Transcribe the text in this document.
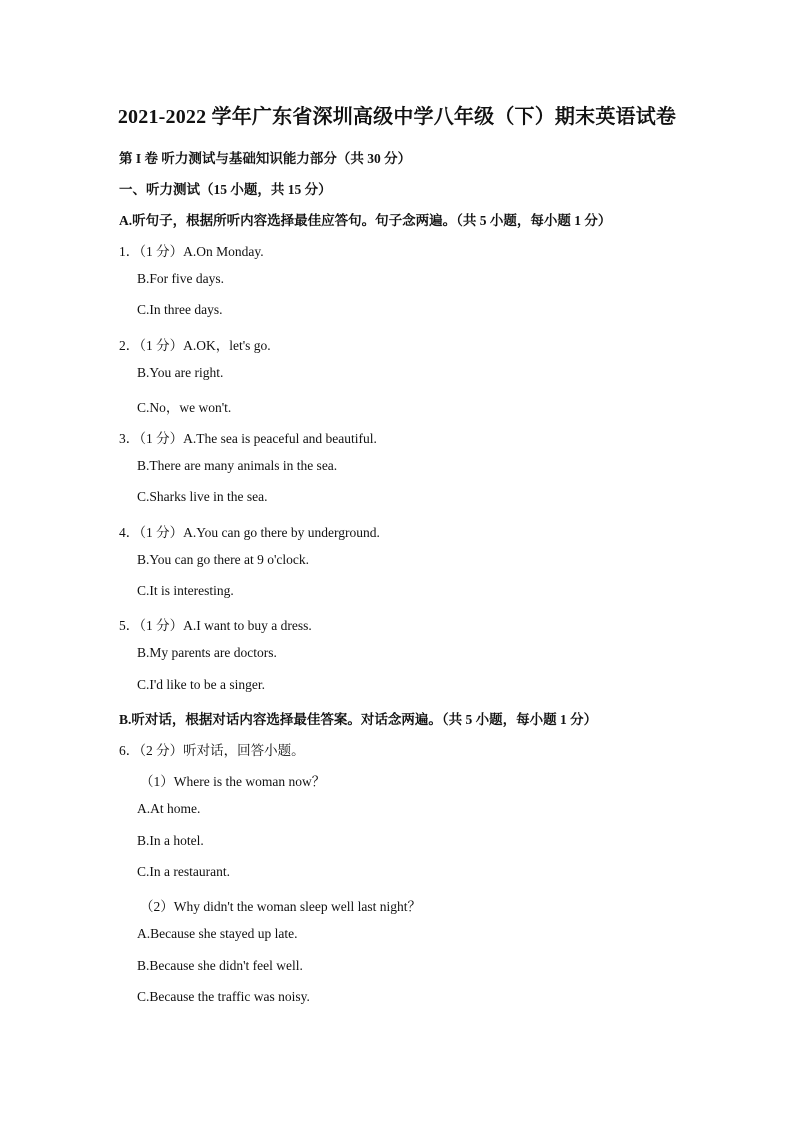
2021-2022 学年广东省深圳高级中学八年级（下）期末英语试卷
第 I 卷 听力测试与基础知识能力部分（共 30 分）
一、听力测试（15 小题，共 15 分）
A.听句子，根据所听内容选择最佳应答句。句子念两遍。（共 5 小题，每小题 1 分）
1．（1 分）A.On Monday.
B.For five days.
C.In three days.
2．（1 分）A.OK，let's go.
B.You are right.
C.No，we won't.
3．（1 分）A.The sea is peaceful and beautiful.
B.There are many animals in the sea.
C.Sharks live in the sea.
4．（1 分）A.You can go there by underground.
B.You can go there at 9 o'clock.
C.It is interesting.
5．（1 分）A.I want to buy a dress.
B.My parents are doctors.
C.I'd like to be a singer.
B.听对话，根据对话内容选择最佳答案。对话念两遍。（共 5 小题，每小题 1 分）
6．（2 分）听对话，回答小题。
（1）Where is the woman now？
A.At home.
B.In a hotel.
C.In a restaurant.
（2）Why didn't the woman sleep well last night？
A.Because she stayed up late.
B.Because she didn't feel well.
C.Because the traffic was noisy.
